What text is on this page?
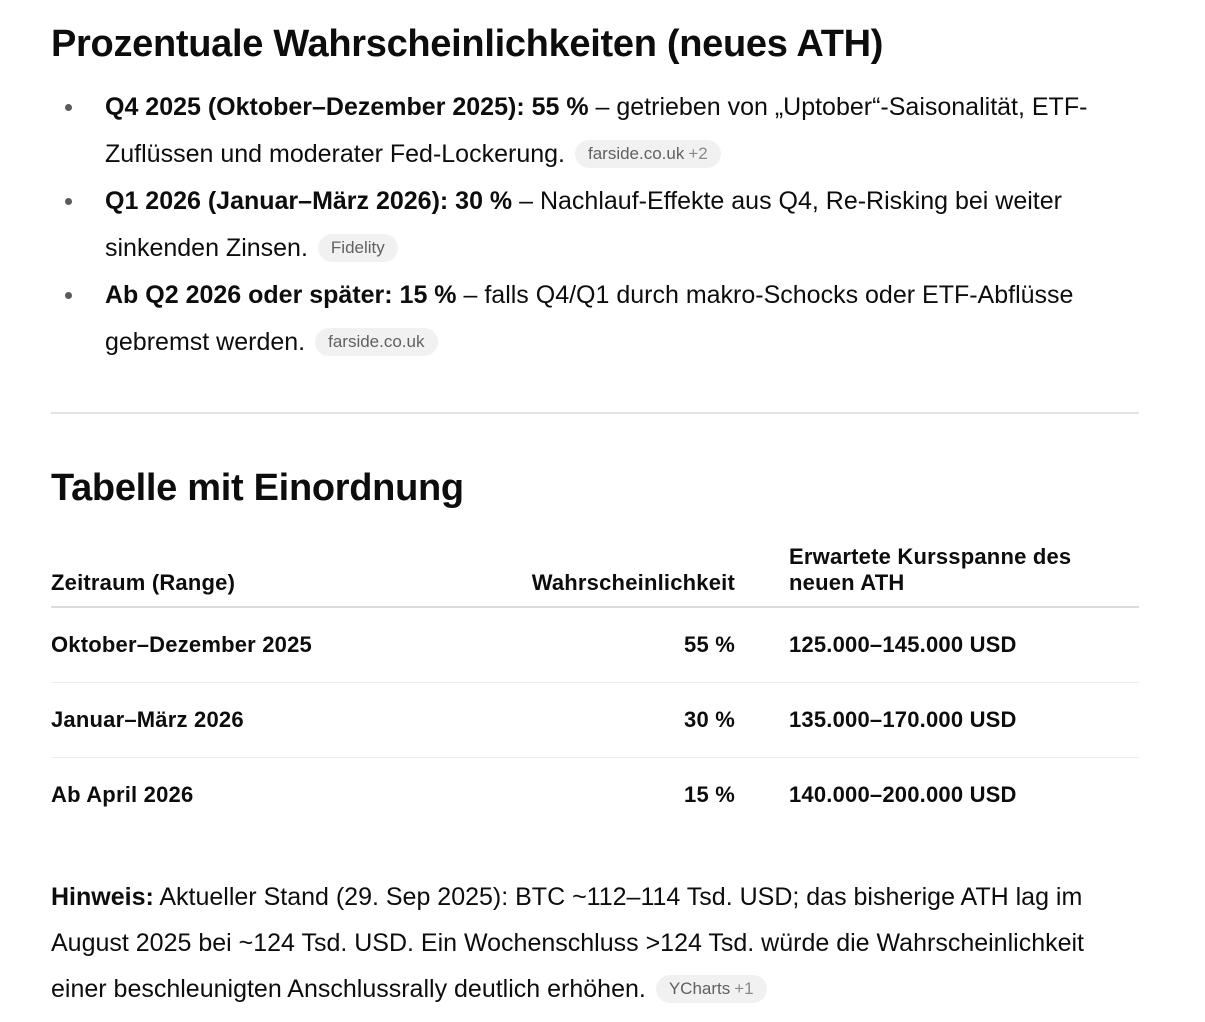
Prozentuale Wahrscheinlichkeiten (neues ATH)
Q4 2025 (Oktober–Dezember 2025): 55 % – getrieben von „Uptober“-Saisonalität, ETF-Zuflüssen und moderater Fed-Lockerung. farside.co.uk +2
Q1 2026 (Januar–März 2026): 30 % – Nachlauf-Effekte aus Q4, Re-Risking bei weiter sinkenden Zinsen. Fidelity
Ab Q2 2026 oder später: 15 % – falls Q4/Q1 durch makro-Schocks oder ETF-Abflüsse gebremst werden. farside.co.uk
Tabelle mit Einordnung
Zeitraum (Range)	Wahrscheinlichkeit	Erwartete Kursspanne des neuen ATH

Oktober–Dezember 2025	55 %	125.000–145.000 USD
Januar–März 2026	30 %	135.000–170.000 USD
Ab April 2026	15 %	140.000–200.000 USD

Hinweis: Aktueller Stand (29. Sep 2025): BTC ~112–114 Tsd. USD; das bisherige ATH lag im August 2025 bei ~124 Tsd. USD. Ein Wochenschluss >124 Tsd. würde die Wahrscheinlichkeit einer beschleunigten Anschlussrally deutlich erhöhen. YCharts +1
